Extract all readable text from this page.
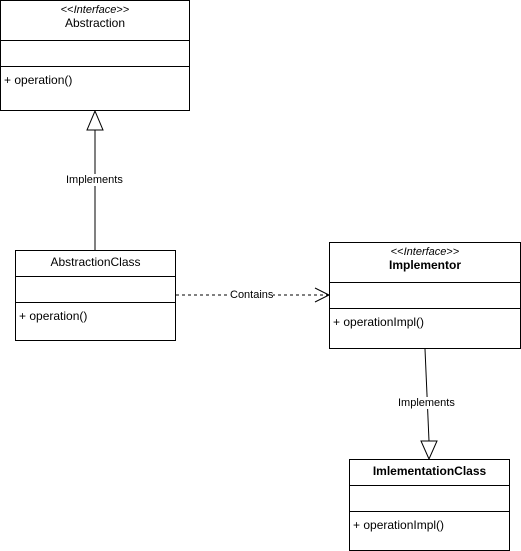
<<Interface>>
Abstraction
+ operation()
AbstractionClass
+ operation()
<<Interface>>
Implementor
+ operationImpl()
ImlementationClass
+ operationImpl()
Implements
Contains
Implements
